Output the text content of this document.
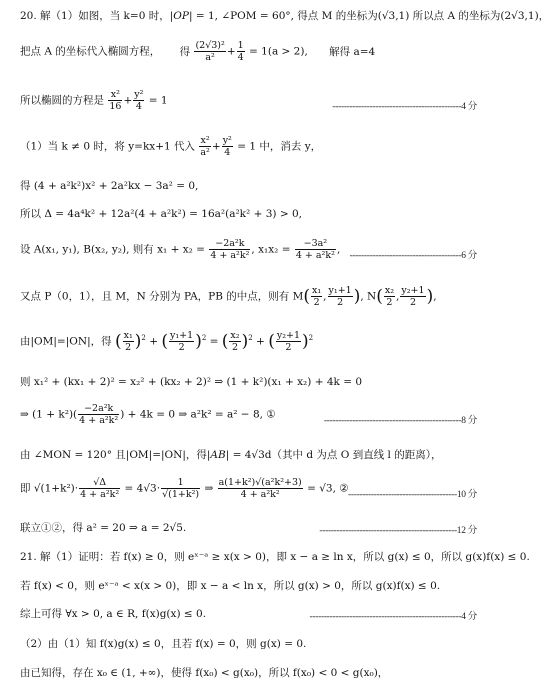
20. 解（1）如图，当 k=0 时，|OP| = 1, ∠POM = 60°, 得点 M 的坐标为(√3,1) 所以点 A 的坐标为(2√3,1)，
把点 A 的坐标代入椭圆方程， 得 $\frac{\text{(2√3)²}}{\text{a²}} + \frac{1}{4} = 1(a > 2)$, 解得 a=4
所以椭圆的方程是 $\frac{\text{x²}}{16} + \frac{\text{y²}}{4} = 1$
---------------------------------------------4 分
（1）当 k ≠ 0 时，将 y=kx+1 代入 $\frac{\text{x²}}{\text{a²}} + \frac{\text{y²}}{4} = 1$ 中，消去 y，
得 (4 + a²k²)x² + 2a²kx − 3a² = 0,
所以 Δ = 4a⁴k² + 12a²(4 + a²k²) = 16a²(a²k² + 3) > 0,
设 A(x₁, y₁), B(x₂, y₂), 则有 $x_1 + x_2 = \frac{\text{−2a²k}}{\text{4 + a²k²}}$ , $x_1x_2 = \frac{\text{−3a²}}{\text{4 + a²k²}}$ ,
---------------------------------------6 分
又点 P（0，1），且 M，N 分别为 PA，PB 的中点，则有 $M( \frac{\text{x₁}}{2}$ , $\frac{\text{y₁+1}}{2}$ ), $N( \frac{\text{x₂}}{2}$ , $\frac{\text{y₂+1}}{2}$ ),
由|OM|=|ON|，得 ( $\frac{\text{x₁}}{2} )^2$ + ( $\frac{\text{y₁+1}}{2} )^2$ = ( $\frac{\text{x₂}}{2} )^2$ + ( $\frac{\text{y₂+1}}{2} )^2$
则 x₁² + (kx₁ + 2)² = x₂² + (kx₂ + 2)² ⇒ (1 + k²)(x₁ + x₂) + 4k = 0
⇒ $(1 + k^2)( \frac{\text{−2a²k}}{\text{4 + a²k²}}$ ) + 4k = 0 ⇒ a²k² = a² − 8, ①
------------------------------------------------8 分
由 ∠MON = 120° 且|OM|=|ON|，得|AB| = 4√3d（其中 d 为点 O 到直线 l 的距离），
即 $√(1+k^2)\cdot \frac{√\Delta}{\text{4 + a²k²}} = 4√3\cdot \frac{1}{\text{√(1+k²)}}$ ⇒ $\frac{\text{a(1+k²)√(a²k²+3)}}{\text{4 + a²k²}} = √3$, ②
--------------------------------------10 分
联立①②，得 a² = 20 ⇒ a = 2√5.	------------------------------------------------12 分
21. 解（1）证明：若 f(x) ≥ 0，则 eˣ⁻ᵃ ≥ x(x > 0)，即 x − a ≥ ln x，所以 g(x) ≤ 0，所以 g(x)f(x) ≤ 0.
若 f(x) < 0，则 eˣ⁻ᵃ < x(x > 0)，即 x − a < ln x，所以 g(x) > 0，所以 g(x)f(x) ≤ 0.
综上可得 ∀x > 0, a ∈ R, f(x)g(x) ≤ 0.	-----------------------------------------------------4 分
（2）由（1）知 f(x)g(x) ≤ 0，且若 f(x) = 0，则 g(x) = 0.
由已知得，存在 x₀ ∈ (1, +∞)，使得 f(x₀) < g(x₀)，所以 f(x₀) < 0 < g(x₀)，
